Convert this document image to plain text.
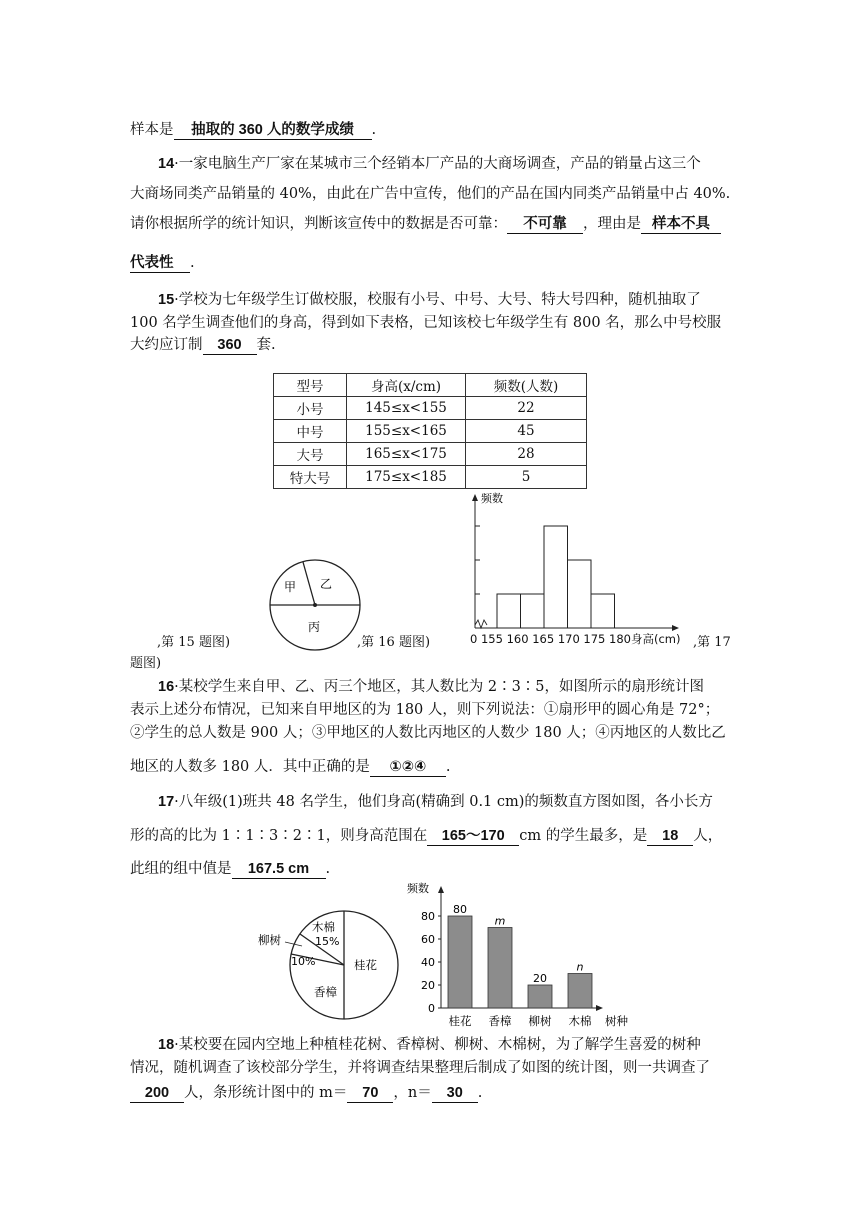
样本是 抽取的 360 人的数学成绩 .
14·一家电脑生产厂家在某城市三个经销本厂产品的大商场调查，产品的销量占这三个
大商场同类产品销量的 40%，由此在广告中宣传，他们的产品在国内同类产品销量中占 40%.
请你根据所学的统计知识，判断该宣传中的数据是否可靠： 不可靠 ，理由是 样本不具
代表性 .
15·学校为七年级学生订做校服，校服有小号、中号、大号、特大号四种，随机抽取了
100 名学生调查他们的身高，得到如下表格，已知该校七年级学生有 800 名，那么中号校服
大约应订制 360 套.
型号	身高(x/cm)	频数(人数)
小号	145≤x<155	22
中号	155≤x<165	45
大号	165≤x<175	28
特大号	175≤x<185	5
甲 乙
丙
频数
,第 15 题图)	,第 16 题图)	0 155 160 165 170 175 180身高(cm) ,第 17
题图)
16·某校学生来自甲、乙、丙三个地区，其人数比为 2∶3∶5，如图所示的扇形统计图
表示上述分布情况，已知来自甲地区的为 180 人，则下列说法：①扇形甲的圆心角是 72°；
②学生的总人数是 900 人；③甲地区的人数比丙地区的人数少 180 人；④丙地区的人数比乙
地区的人数多 180 人．其中正确的是 ①②④ .
17·八年级(1)班共 48 名学生，他们身高(精确到 0.1 cm)的频数直方图如图，各小长方
形的高的比为 1∶1∶3∶2∶1，则身高范围在 165～170 cm 的学生最多，是 18 人，
此组的组中值是 167.5 cm .
木棉
15%
柳树
10%	桂花
香樟
频数
树种
0
20
40
60
80
80
桂花
m
香樟
20
柳树
n
木棉
18·某校要在园内空地上种植桂花树、香樟树、柳树、木棉树，为了解学生喜爱的树种
情况，随机调查了该校部分学生，并将调查结果整理后制成了如图的统计图，则一共调查了
200 人，条形统计图中的 m＝ 70 ，n＝ 30 .
